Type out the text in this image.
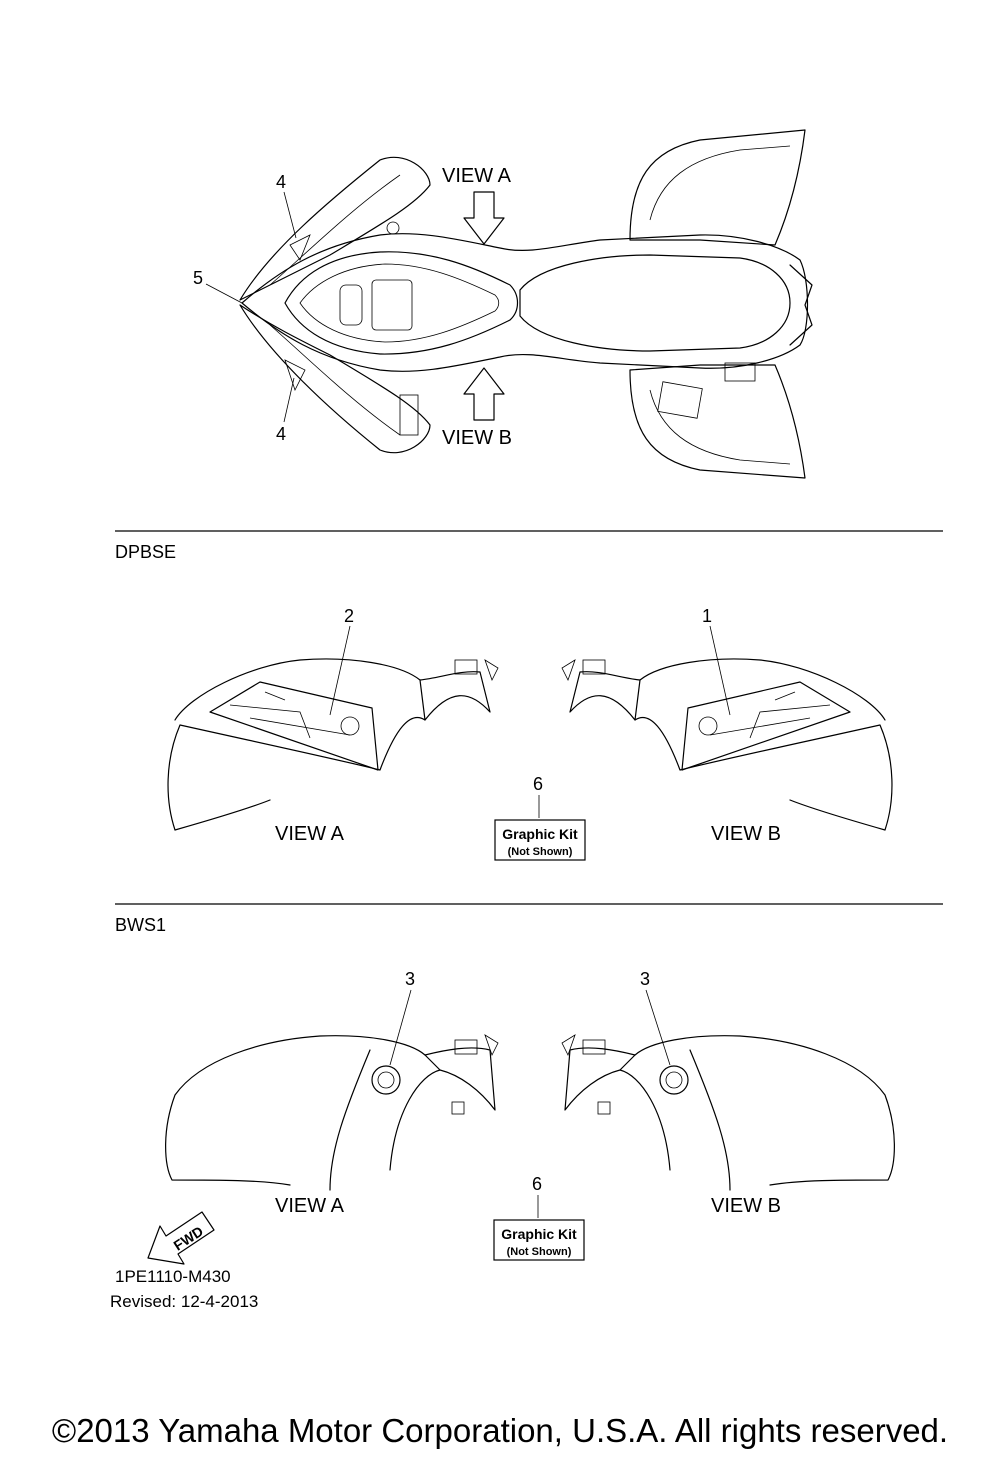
VIEW A
VIEW B
4
5
4
DPBSE
2	1
VIEW A	VIEW B
6
Graphic Kit
(Not Shown)
BWS1
3	3
VIEW A	VIEW B
6
Graphic Kit
(Not Shown)
FWD
1PE1110-M430
Revised: 12-4-2013
©2013 Yamaha Motor Corporation, U.S.A. All rights reserved.
